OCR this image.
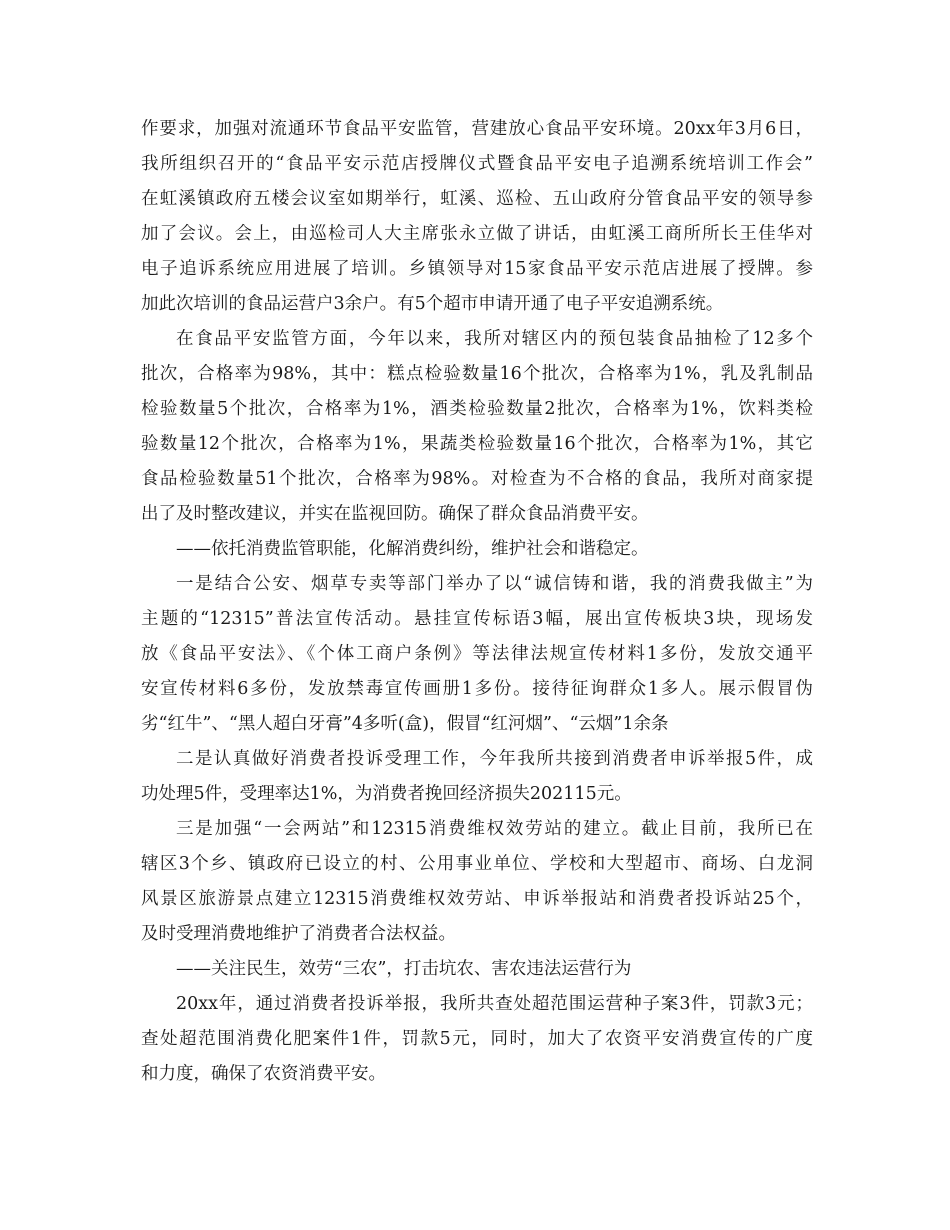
作要求，加强对流通环节食品平安监管，营建放心食品平安环境。20xx年3月6日，
我所组织召开的“食品平安示范店授牌仪式暨食品平安电子追溯系统培训工作会”
在虹溪镇政府五楼会议室如期举行，虹溪、巡检、五山政府分管食品平安的领导参
加了会议。会上，由巡检司人大主席张永立做了讲话，由虹溪工商所所长王佳华对
电子追诉系统应用进展了培训。乡镇领导对15家食品平安示范店进展了授牌。参
加此次培训的食品运营户3余户。有5个超市申请开通了电子平安追溯系统。
在食品平安监管方面，今年以来，我所对辖区内的预包装食品抽检了12多个
批次，合格率为98%，其中：糕点检验数量16个批次，合格率为1%，乳及乳制品
检验数量5个批次，合格率为1%，酒类检验数量2批次，合格率为1%，饮料类检
验数量12个批次，合格率为1%，果蔬类检验数量16个批次，合格率为1%，其它
食品检验数量51个批次，合格率为98%。对检查为不合格的食品，我所对商家提
出了及时整改建议，并实在监视回防。确保了群众食品消费平安。
——依托消费监管职能，化解消费纠纷，维护社会和谐稳定。
一是结合公安、烟草专卖等部门举办了以“诚信铸和谐，我的消费我做主”为
主题的“12315”普法宣传活动。悬挂宣传标语3幅，展出宣传板块3块，现场发
放《食品平安法》、《个体工商户条例》等法律法规宣传材料1多份，发放交通平
安宣传材料6多份，发放禁毒宣传画册1多份。接待征询群众1多人。展示假冒伪
劣“红牛”、“黑人超白牙膏”4多听(盒)，假冒“红河烟”、“云烟”1余条
二是认真做好消费者投诉受理工作，今年我所共接到消费者申诉举报5件，成
功处理5件，受理率达1%，为消费者挽回经济损失202115元。
三是加强“一会两站”和12315消费维权效劳站的建立。截止目前，我所已在
辖区3个乡、镇政府已设立的村、公用事业单位、学校和大型超市、商场、白龙洞
风景区旅游景点建立12315消费维权效劳站、申诉举报站和消费者投诉站25个，
及时受理消费地维护了消费者合法权益。
——关注民生，效劳“三农”，打击坑农、害农违法运营行为
20xx年，通过消费者投诉举报，我所共查处超范围运营种子案3件，罚款3元；
查处超范围消费化肥案件1件，罚款5元，同时，加大了农资平安消费宣传的广度
和力度，确保了农资消费平安。
